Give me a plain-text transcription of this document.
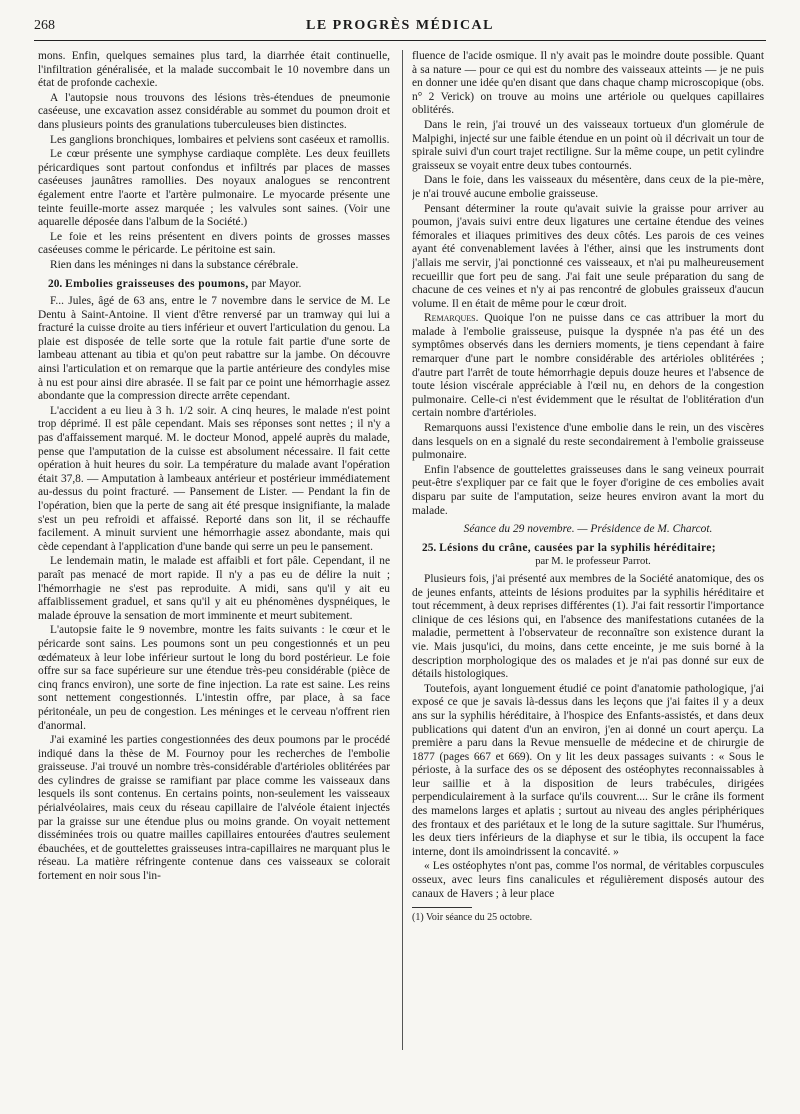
268	LE PROGRÈS MÉDICAL

mons. Enfin, quelques semaines plus tard, la diarrhée était continuelle, l'infiltration généralisée, et la malade succombait le 10 novembre dans un état de profonde cachexie.

A l'autopsie nous trouvons des lésions très-étendues de pneumonie caséeuse, une excavation assez considérable au sommet du poumon droit et dans plusieurs points des granulations tuberculeuses bien distinctes.

Les ganglions bronchiques, lombaires et pelviens sont caséeux et ramollis.

Le cœur présente une symphyse cardiaque complète. Les deux feuillets péricardiques sont partout confondus et infiltrés par places de masses caséeuses jaunâtres ramollies. Des noyaux analogues se rencontrent également entre l'aorte et l'artère pulmonaire. Le myocarde présente une teinte feuille-morte assez marquée ; les valvules sont saines. (Voir une aquarelle déposée dans l'album de la Société.)

Le foie et les reins présentent en divers points de grosses masses caséeuses comme le péricarde. Le péritoine est sain.

Rien dans les méninges ni dans la substance cérébrale.

20. Embolies graisseuses des poumons, par Mayor.

F... Jules, âgé de 63 ans, entre le 7 novembre dans le service de M. Le Dentu à Saint-Antoine. Il vient d'être renversé par un tramway qui lui a fracturé la cuisse droite au tiers inférieur et ouvert l'articulation du genou. La plaie est disposée de telle sorte que la rotule fait partie d'une sorte de lambeau attenant au tibia et qu'on peut rabattre sur la jambe. On découvre ainsi l'articulation et on remarque que la partie antérieure des condyles mise à nu est pour ainsi dire abrasée. Il se fait par ce point une hémorrhagie assez abondante que la compression directe arrête cependant.

L'accident a eu lieu à 3 h. 1/2 soir. A cinq heures, le malade n'est point trop déprimé. Il est pâle cependant. Mais ses réponses sont nettes ; il n'y a pas d'affaissement marqué. M. le docteur Monod, appelé auprès du malade, pense que l'amputation de la cuisse est absolument nécessaire. Il fait cette opération à huit heures du soir. La température du malade avant l'opération était 37,8. — Amputation à lambeaux antérieur et postérieur immédiatement au-dessus du point fracturé. — Pansement de Lister. — Pendant la fin de l'opération, bien que la perte de sang ait été presque insignifiante, la malade s'est un peu refroidi et affaissé. Reporté dans son lit, il se réchauffe facilement. A minuit survient une hémorrhagie assez abondante, mais qui cède cependant à l'application d'une bande qui serre un peu le pansement.

Le lendemain matin, le malade est affaibli et fort pâle. Cependant, il ne paraît pas menacé de mort rapide. Il n'y a pas eu de délire la nuit ; l'hémorrhagie ne s'est pas reproduite. A midi, sans qu'il y ait eu affaiblissement graduel, et sans qu'il y ait eu phénomènes dyspnéiques, le malade éprouve la sensation de mort imminente et meurt subitement.

L'autopsie faite le 9 novembre, montre les faits suivants : le cœur et le péricarde sont sains. Les poumons sont un peu congestionnés et un peu œdémateux à leur lobe inférieur surtout le long du bord postérieur. Le foie offre sur sa face supérieure sur une étendue très-peu considérable (pièce de cinq francs environ), une sorte de fine injection. La rate est saine. Les reins sont nettement congestionnés. L'intestin offre, par place, à sa face péritonéale, un peu de congestion. Les méninges et le cerveau n'offrent rien d'anormal.

J'ai examiné les parties congestionnées des deux poumons par le procédé indiqué dans la thèse de M. Fournoy pour les recherches de l'embolie graisseuse. J'ai trouvé un nombre très-considérable d'artérioles oblitérées par des cylindres de graisse se ramifiant par place comme les vaisseaux dans lesquels ils sont contenus. En certains points, non-seulement les vaisseaux périalvéolaires, mais ceux du réseau capillaire de l'alvéole étaient injectés par la graisse sur une étendue plus ou moins grande. On voyait nettement disséminées trois ou quatre mailles capillaires entourées d'autres seulement ébauchées, et de gouttelettes graisseuses intra-capillaires ne marquant plus le réseau. La matière réfringente contenue dans ces vaisseaux se colorait fortement en noir sous l'in-

fluence de l'acide osmique. Il n'y avait pas le moindre doute possible. Quant à sa nature — pour ce qui est du nombre des vaisseaux atteints — je ne puis en donner une idée qu'en disant que dans chaque champ microscopique (obs. n° 2 Verick) on trouve au moins une artériole ou quelques capillaires oblitérés.

Dans le rein, j'ai trouvé un des vaisseaux tortueux d'un glomérule de Malpighi, injecté sur une faible étendue en un point où il décrivait un tour de spirale suivi d'un court trajet rectiligne. Sur la même coupe, un petit cylindre graisseux se voyait entre deux tubes contournés.

Dans le foie, dans les vaisseaux du mésentère, dans ceux de la pie-mère, je n'ai trouvé aucune embolie graisseuse.

Pensant déterminer la route qu'avait suivie la graisse pour arriver au poumon, j'avais suivi entre deux ligatures une certaine étendue des veines fémorales et iliaques primitives des deux côtés. Les parois de ces veines ayant été convenablement lavées à l'éther, ainsi que les instruments dont j'allais me servir, j'ai ponctionné ces vaisseaux, et n'ai pu malheureusement recueillir que fort peu de sang. J'ai fait une seule préparation du sang de chacune de ces veines et n'y ai pas rencontré de globules graisseux d'aucun volume. Il en était de même pour le cœur droit.

Remarques. Quoique l'on ne puisse dans ce cas attribuer la mort du malade à l'embolie graisseuse, puisque la dyspnée n'a pas été un des symptômes observés dans les derniers moments, je tiens cependant à faire remarquer d'une part le nombre considérable des artérioles oblitérées ; d'autre part l'arrêt de toute hémorrhagie depuis douze heures et l'absence de toute lésion viscérale appréciable à l'œil nu, en dehors de la congestion pulmonaire. Celle-ci n'est évidemment que le résultat de l'oblitération d'un certain nombre d'artérioles.

Remarquons aussi l'existence d'une embolie dans le rein, un des viscères dans lesquels on en a signalé du reste secondairement à l'embolie graisseuse pulmonaire.

Enfin l'absence de gouttelettes graisseuses dans le sang veineux pourrait peut-être s'expliquer par ce fait que le foyer d'origine de ces embolies avait disparu par suite de l'amputation, seize heures environ avant la mort du malade.

Séance du 29 novembre. — Présidence de M. Charcot.

25. Lésions du crâne, causées par la syphilis héréditaire;
par M. le professeur Parrot.

Plusieurs fois, j'ai présenté aux membres de la Société anatomique, des os de jeunes enfants, atteints de lésions produites par la syphilis héréditaire et tout récemment, à deux reprises différentes (1). J'ai fait ressortir l'importance clinique de ces lésions qui, en l'absence des manifestations cutanées de la maladie, permettent à l'observateur de reconnaître son existence durant la vie. Mais jusqu'ici, du moins, dans cette enceinte, je me suis borné à la description morphologique des os malades et je n'ai pas donné sur eux de détails histologiques.

Toutefois, ayant longuement étudié ce point d'anatomie pathologique, j'ai exposé ce que je savais là-dessus dans les leçons que j'ai faites il y a deux ans sur la syphilis héréditaire, à l'hospice des Enfants-assistés, et dans deux publications qui datent d'un an environ, j'en ai donné un court aperçu. La première a paru dans la Revue mensuelle de médecine et de chirurgie de 1877 (pages 667 et 669). On y lit les deux passages suivants : « Sous le périoste, à la surface des os se déposent des ostéophytes reconnaissables à leur saillie et à la disposition de leurs trabécules, dirigées perpendiculairement à la surface qu'ils couvrent.... Sur le crâne ils forment des mamelons larges et aplatis ; surtout au niveau des angles périphériques des frontaux et des pariétaux et le long de la suture sagittale. Sur l'humérus, les deux tiers inférieurs de la diaphyse et sur le tibia, ils occupent la face interne, dont ils amoindrissent la concavité. »

« Les ostéophytes n'ont pas, comme l'os normal, de véritables corpuscules osseux, avec leurs fins canalicules et régulièrement disposés autour des canaux de Havers ; à leur place

(1) Voir séance du 25 octobre.
